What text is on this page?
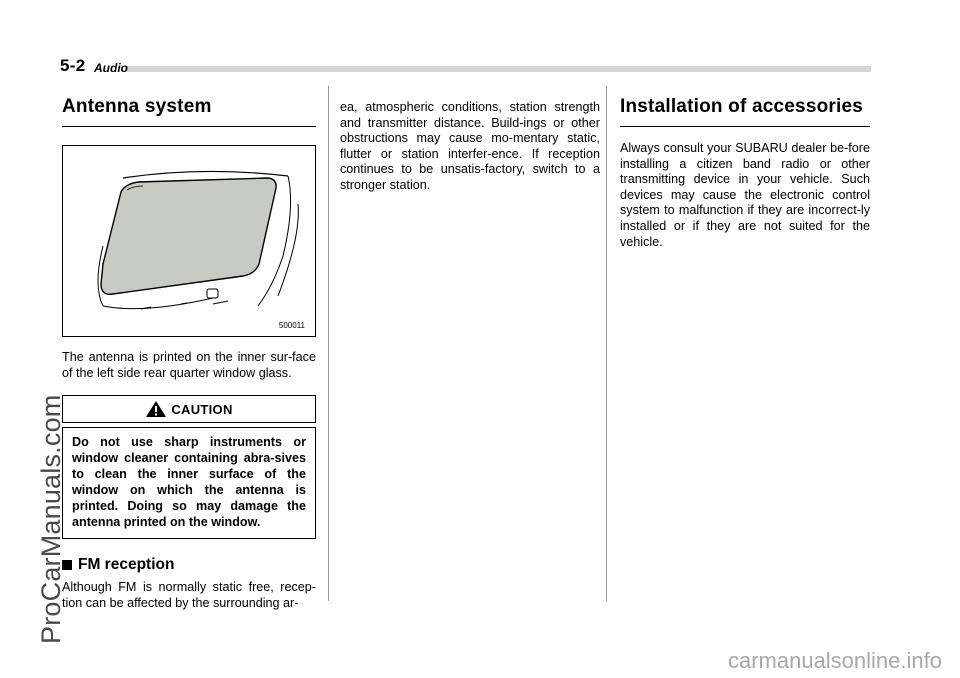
5-2 Audio
Antenna system
500011

The antenna is printed on the inner sur-face of the left side rear quarter window glass.

CAUTION
Do not use sharp instruments or window cleaner containing abra-sives to clean the inner surface of the window on which the antenna is printed. Doing so may damage the antenna printed on the window.
FM reception

Although FM is normally static free, recep-tion can be affected by the surrounding ar-

ea, atmospheric conditions, station strength and transmitter distance. Build-ings or other obstructions may cause mo-mentary static, flutter or station interfer-ence. If reception continues to be unsatis-factory, switch to a stronger station.

Installation of accessories

Always consult your SUBARU dealer be-fore installing a citizen band radio or other transmitting device in your vehicle. Such devices may cause the electronic control system to malfunction if they are incorrect-ly installed or if they are not suited for the vehicle.

ProCarManuals.com
carmanualsonline.info
